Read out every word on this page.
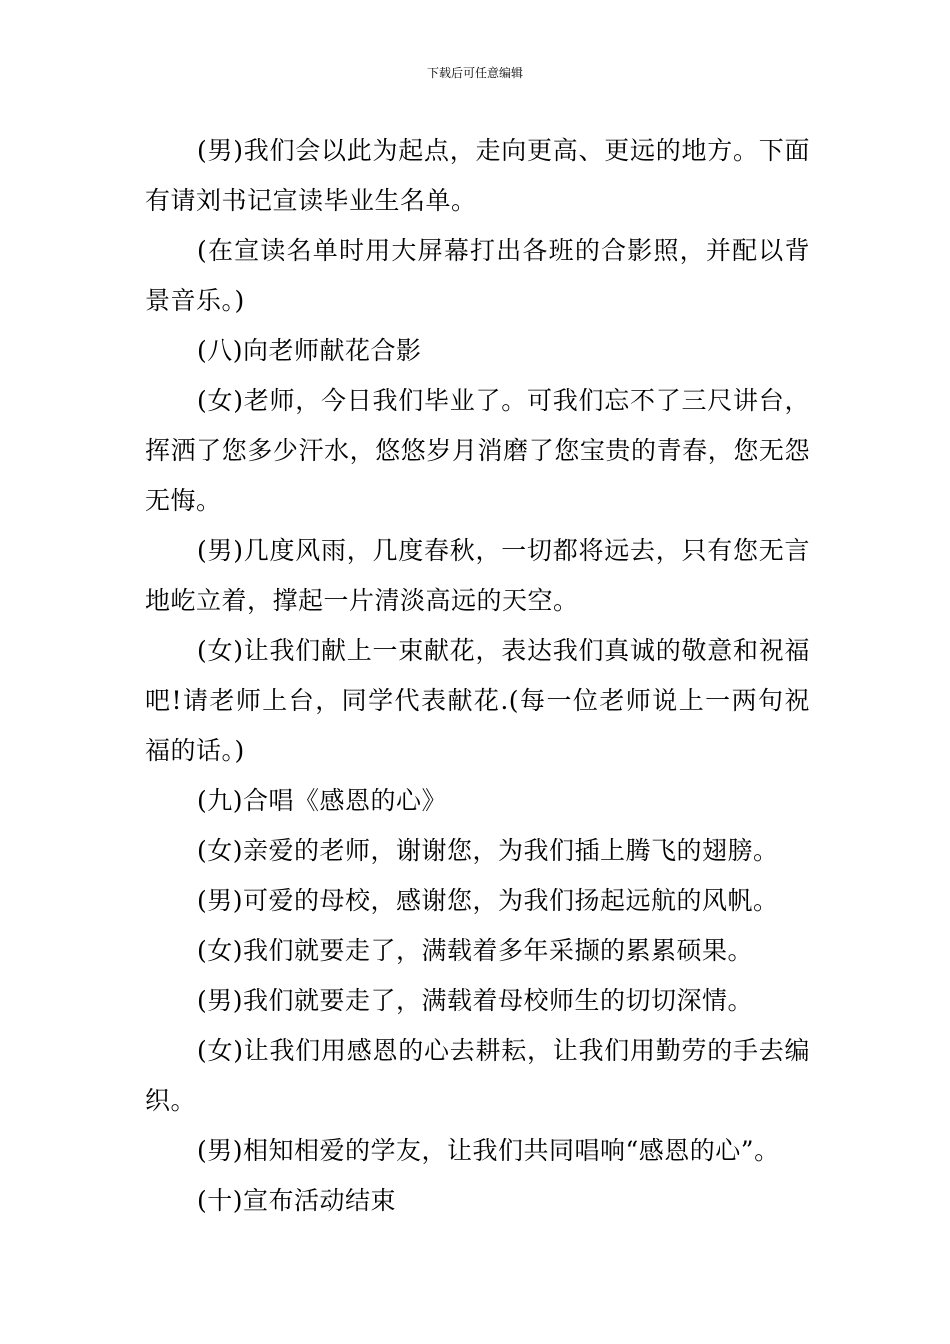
下载后可任意编辑

(男)我们会以此为起点，走向更高、更远的地方。下面有请刘书记宣读毕业生名单。

(在宣读名单时用大屏幕打出各班的合影照，并配以背景音乐。)

(八)向老师献花合影

(女)老师，今日我们毕业了。可我们忘不了三尺讲台，挥洒了您多少汗水，悠悠岁月消磨了您宝贵的青春，您无怨无悔。

(男)几度风雨，几度春秋，一切都将远去，只有您无言地屹立着，撑起一片清淡高远的天空。

(女)让我们献上一束献花，表达我们真诚的敬意和祝福吧!请老师上台，同学代表献花.(每一位老师说上一两句祝福的话。)

(九)合唱《感恩的心》

(女)亲爱的老师，谢谢您，为我们插上腾飞的翅膀。

(男)可爱的母校，感谢您，为我们扬起远航的风帆。

(女)我们就要走了，满载着多年采撷的累累硕果。

(男)我们就要走了，满载着母校师生的切切深情。

(女)让我们用感恩的心去耕耘，让我们用勤劳的手去编织。

(男)相知相爱的学友，让我们共同唱响“感恩的心”。

(十)宣布活动结束
